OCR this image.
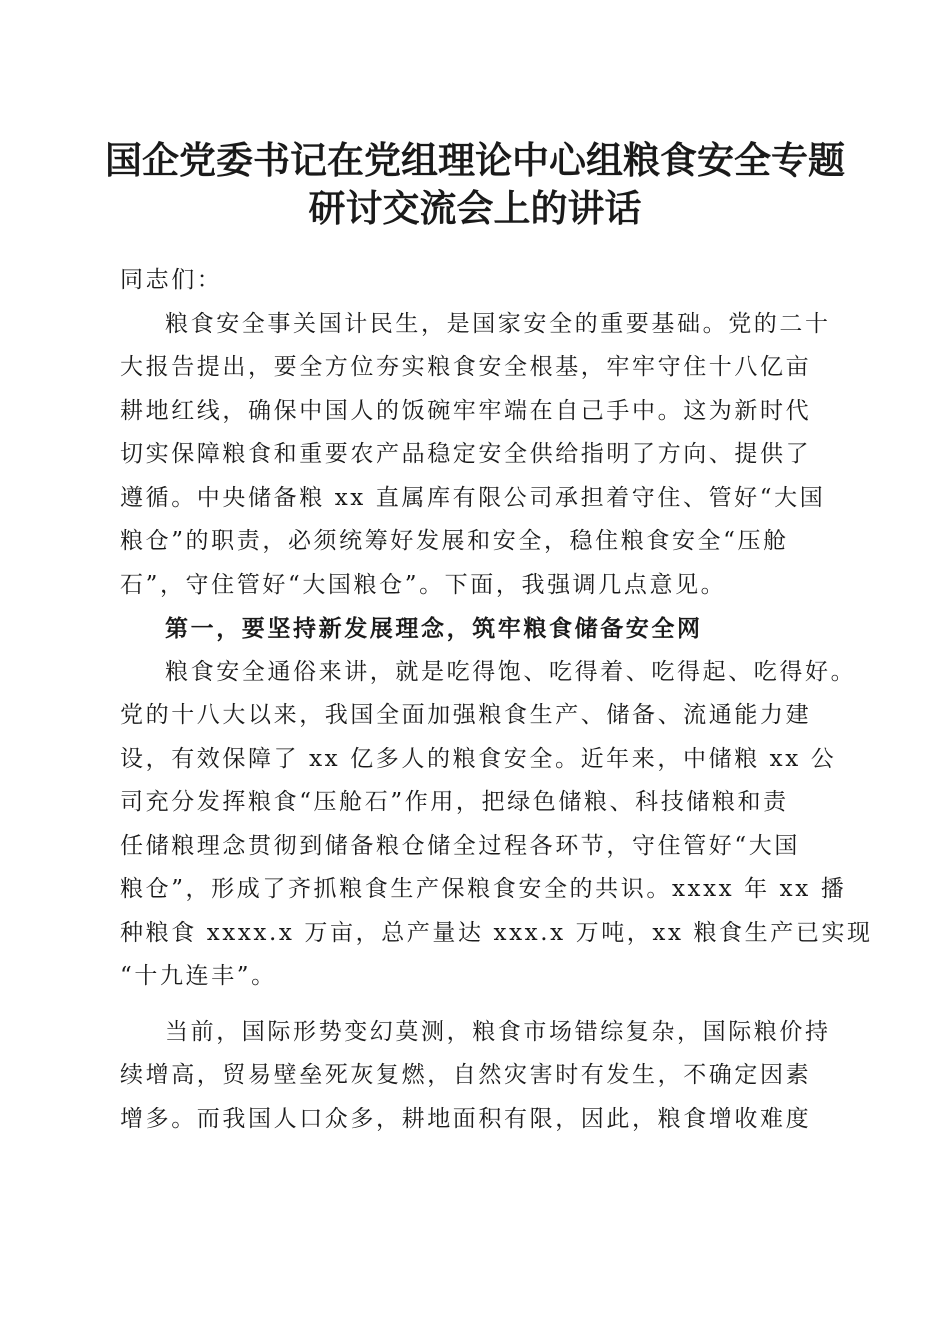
国企党委书记在党组理论中心组粮食安全专题
研讨交流会上的讲话
同志们：
粮食安全事关国计民生，是国家安全的重要基础。党的二十
大报告提出，要全方位夯实粮食安全根基，牢牢守住十八亿亩
耕地红线，确保中国人的饭碗牢牢端在自己手中。这为新时代
切实保障粮食和重要农产品稳定安全供给指明了方向、提供了
遵循。中央储备粮 xx 直属库有限公司承担着守住、管好“大国
粮仓”的职责，必须统筹好发展和安全，稳住粮食安全“压舱
石”，守住管好“大国粮仓”。下面，我强调几点意见。
第一，要坚持新发展理念，筑牢粮食储备安全网
粮食安全通俗来讲，就是吃得饱、吃得着、吃得起、吃得好。
党的十八大以来，我国全面加强粮食生产、储备、流通能力建
设，有效保障了 xx 亿多人的粮食安全。近年来，中储粮 xx 公
司充分发挥粮食“压舱石”作用，把绿色储粮、科技储粮和责
任储粮理念贯彻到储备粮仓储全过程各环节，守住管好“大国
粮仓”，形成了齐抓粮食生产保粮食安全的共识。xxxx 年 xx 播
种粮食 xxxx.x 万亩，总产量达 xxx.x 万吨，xx 粮食生产已实现
“十九连丰”。
当前，国际形势变幻莫测，粮食市场错综复杂，国际粮价持
续增高，贸易壁垒死灰复燃，自然灾害时有发生，不确定因素
增多。而我国人口众多，耕地面积有限，因此，粮食增收难度
